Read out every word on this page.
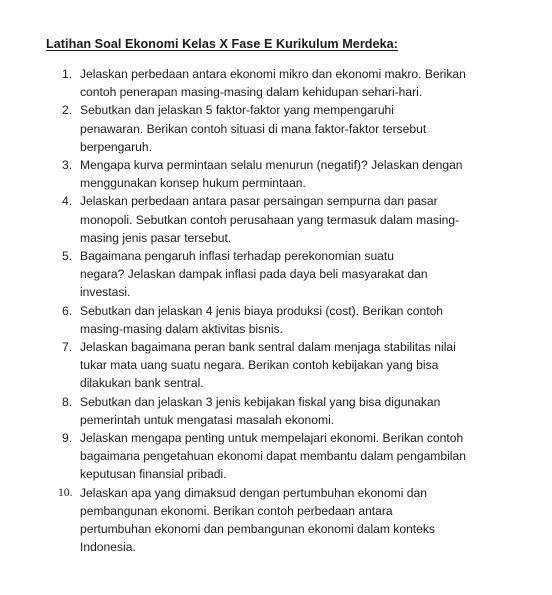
Latihan Soal Ekonomi Kelas X Fase E Kurikulum Merdeka:
1. Jelaskan perbedaan antara ekonomi mikro dan ekonomi makro. Berikan
contoh penerapan masing-masing dalam kehidupan sehari-hari.
2. Sebutkan dan jelaskan 5 faktor-faktor yang mempengaruhi
penawaran. Berikan contoh situasi di mana faktor-faktor tersebut
berpengaruh.
3. Mengapa kurva permintaan selalu menurun (negatif)? Jelaskan dengan
menggunakan konsep hukum permintaan.
4. Jelaskan perbedaan antara pasar persaingan sempurna dan pasar
monopoli. Sebutkan contoh perusahaan yang termasuk dalam masing-
masing jenis pasar tersebut.
5. Bagaimana pengaruh inflasi terhadap perekonomian suatu
negara? Jelaskan dampak inflasi pada daya beli masyarakat dan
investasi.
6. Sebutkan dan jelaskan 4 jenis biaya produksi (cost). Berikan contoh
masing-masing dalam aktivitas bisnis.
7. Jelaskan bagaimana peran bank sentral dalam menjaga stabilitas nilai
tukar mata uang suatu negara. Berikan contoh kebijakan yang bisa
dilakukan bank sentral.
8. Sebutkan dan jelaskan 3 jenis kebijakan fiskal yang bisa digunakan
pemerintah untuk mengatasi masalah ekonomi.
9. Jelaskan mengapa penting untuk mempelajari ekonomi. Berikan contoh
bagaimana pengetahuan ekonomi dapat membantu dalam pengambilan
keputusan finansial pribadi.
10. Jelaskan apa yang dimaksud dengan pertumbuhan ekonomi dan
pembangunan ekonomi. Berikan contoh perbedaan antara
pertumbuhan ekonomi dan pembangunan ekonomi dalam konteks
Indonesia.
